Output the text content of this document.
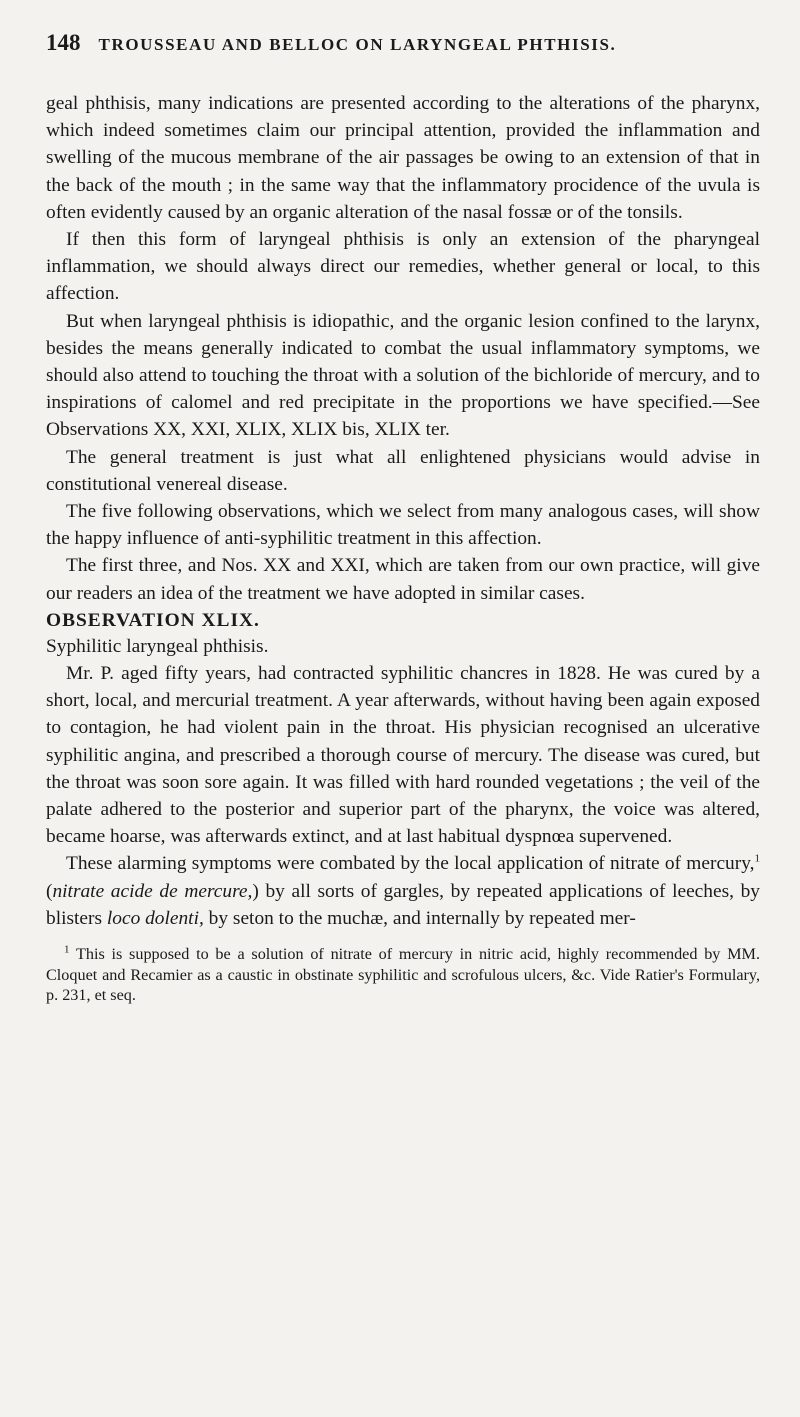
148 TROUSSEAU AND BELLOC ON LARYNGEAL PHTHISIS.

geal phthisis, many indications are presented according to the alterations of the pharynx, which indeed sometimes claim our principal attention, provided the inflammation and swelling of the mucous membrane of the air passages be owing to an extension of that in the back of the mouth ; in the same way that the inflammatory procidence of the uvula is often evidently caused by an organic alteration of the nasal fossæ or of the tonsils.

If then this form of laryngeal phthisis is only an extension of the pharyngeal inflammation, we should always direct our remedies, whether general or local, to this affection.

But when laryngeal phthisis is idiopathic, and the organic lesion confined to the larynx, besides the means generally indicated to combat the usual inflammatory symptoms, we should also attend to touching the throat with a solution of the bichloride of mercury, and to inspirations of calomel and red precipitate in the proportions we have specified.—See Observations XX, XXI, XLIX, XLIX bis, XLIX ter.

The general treatment is just what all enlightened physicians would advise in constitutional venereal disease.

The five following observations, which we select from many analogous cases, will show the happy influence of anti-syphilitic treatment in this affection.

The first three, and Nos. XX and XXI, which are taken from our own practice, will give our readers an idea of the treatment we have adopted in similar cases.

OBSERVATION XLIX.

Syphilitic laryngeal phthisis.

Mr. P. aged fifty years, had contracted syphilitic chancres in 1828. He was cured by a short, local, and mercurial treatment. A year afterwards, without having been again exposed to contagion, he had violent pain in the throat. His physician recognised an ulcerative syphilitic angina, and prescribed a thorough course of mercury. The disease was cured, but the throat was soon sore again. It was filled with hard rounded vegetations ; the veil of the palate adhered to the posterior and superior part of the pharynx, the voice was altered, became hoarse, was afterwards extinct, and at last habitual dyspnœa supervened.

These alarming symptoms were combated by the local application of nitrate of mercury,$^1$ (nitrate acide de mercure,) by all sorts of gargles, by repeated applications of leeches, by blisters loco dolenti, by seton to the muchæ, and internally by repeated mer-

$^1$ This is supposed to be a solution of nitrate of mercury in nitric acid, highly recommended by MM. Cloquet and Recamier as a caustic in obstinate syphilitic and scrofulous ulcers, &c. Vide Ratier's Formulary, p. 231, et seq.
